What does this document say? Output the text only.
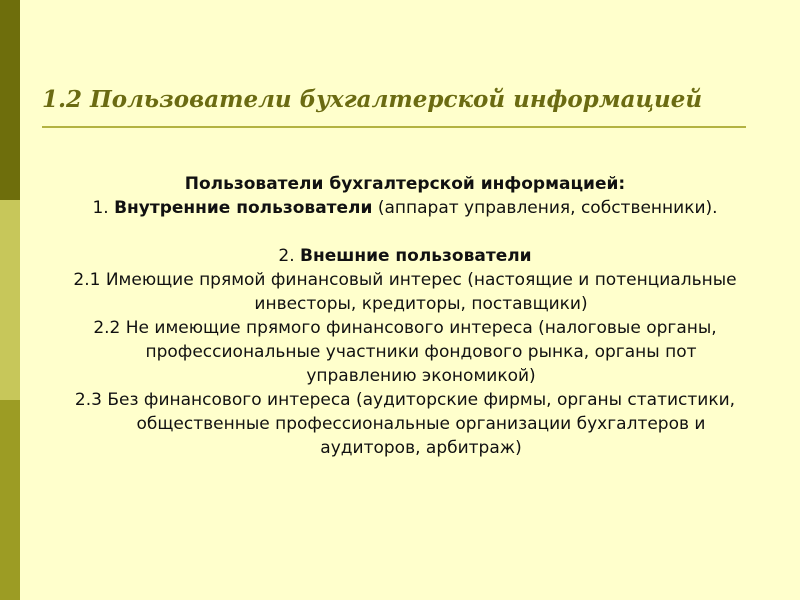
1.2 Пользователи бухгалтерской информацией

Пользователи бухгалтерской информацией:

1. Внутренние пользователи (аппарат управления, собственники).

2. Внешние пользователи

2.1 Имеющие прямой финансовый интерес (настоящие и потенциальные инвесторы, кредиторы, поставщики)

2.2 Не имеющие прямого финансового интереса (налоговые органы, профессиональные участники фондового рынка, органы пот управлению экономикой)

2.3 Без финансового интереса (аудиторские фирмы, органы статистики, общественные профессиональные организации бухгалтеров и аудиторов, арбитраж)
